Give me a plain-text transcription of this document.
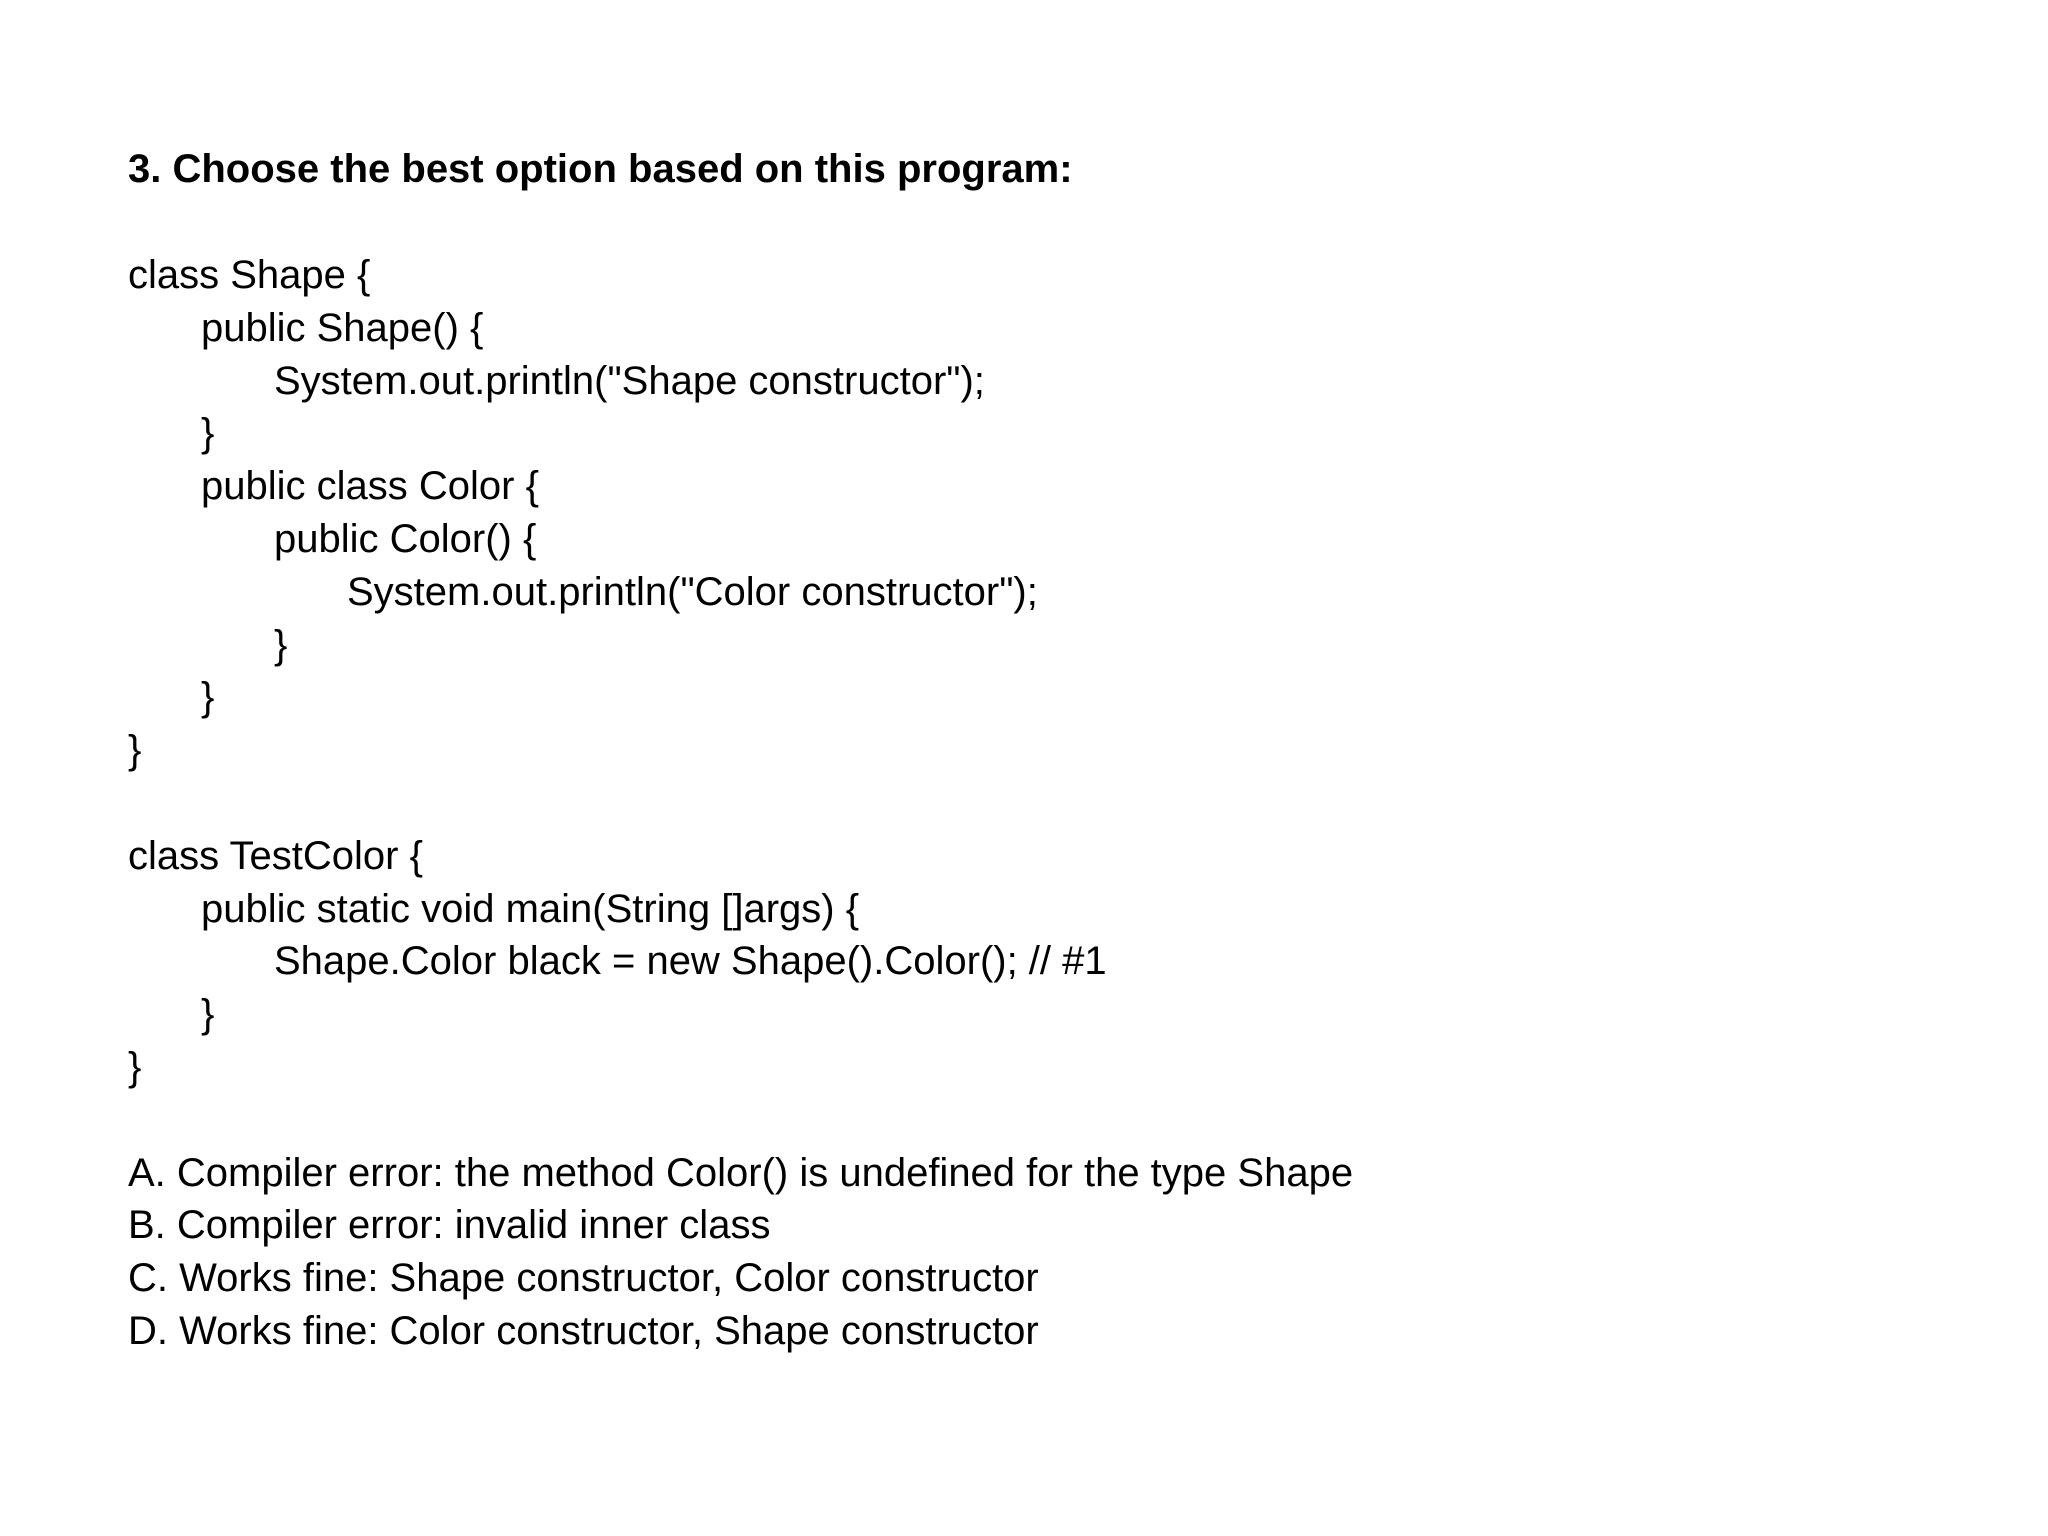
3. Choose the best option based on this program:
class Shape {
public Shape() {
System.out.println("Shape constructor");
}
public class Color {
public Color() {
System.out.println("Color constructor");
}
}
}
class TestColor {
public static void main(String []args) {
Shape.Color black = new Shape().Color(); // #1
}
}
A. Compiler error: the method Color() is undefined for the type Shape
B. Compiler error: invalid inner class
C. Works fine: Shape constructor, Color constructor
D. Works fine: Color constructor, Shape constructor
